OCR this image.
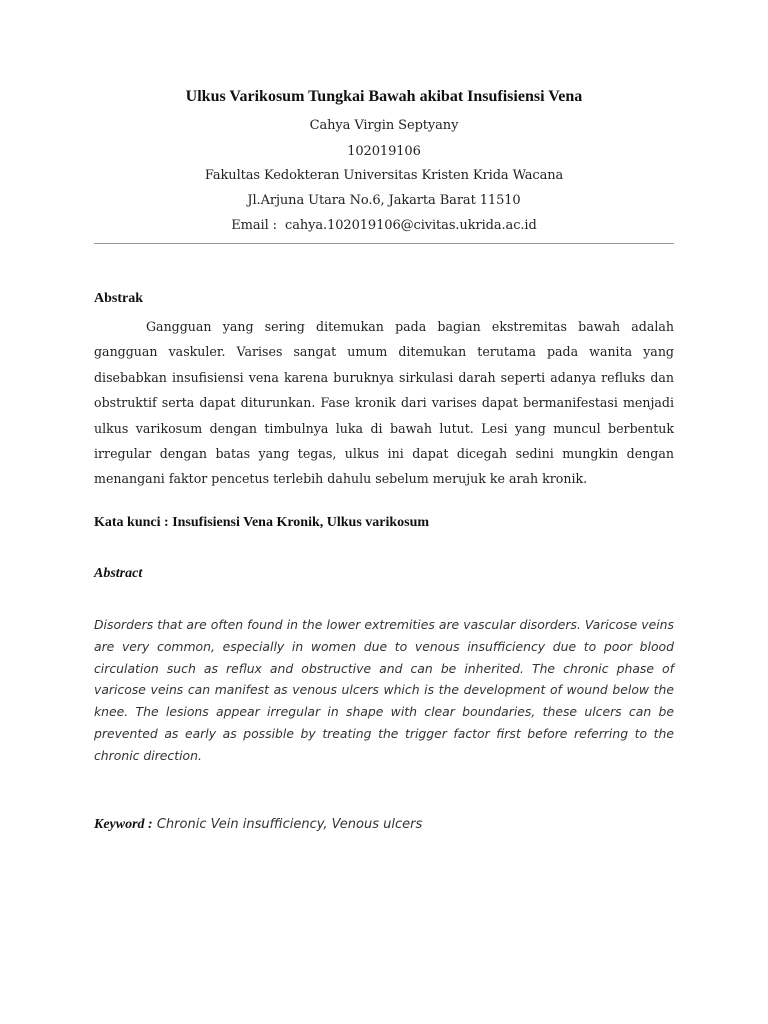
Ulkus Varikosum Tungkai Bawah akibat Insufisiensi Vena
Cahya Virgin Septyany
102019106
Fakultas Kedokteran Universitas Kristen Krida Wacana
Jl.Arjuna Utara No.6, Jakarta Barat 11510
Email : cahya.102019106@civitas.ukrida.ac.id
Abstrak

Gangguan yang sering ditemukan pada bagian ekstremitas bawah adalah gangguan vaskuler. Varises sangat umum ditemukan terutama pada wanita yang disebabkan insufisiensi vena karena buruknya sirkulasi darah seperti adanya refluks dan obstruktif serta dapat diturunkan. Fase kronik dari varises dapat bermanifestasi menjadi ulkus varikosum dengan timbulnya luka di bawah lutut. Lesi yang muncul berbentuk irregular dengan batas yang tegas, ulkus ini dapat dicegah sedini mungkin dengan menangani faktor pencetus terlebih dahulu sebelum merujuk ke arah kronik.

Kata kunci : Insufisiensi Vena Kronik, Ulkus varikosum
Abstract

Disorders that are often found in the lower extremities are vascular disorders. Varicose veins are very common, especially in women due to venous insufficiency due to poor blood circulation such as reflux and obstructive and can be inherited. The chronic phase of varicose veins can manifest as venous ulcers which is the development of wound below the knee. The lesions appear irregular in shape with clear boundaries, these ulcers can be prevented as early as possible by treating the trigger factor first before referring to the chronic direction.

Keyword : Chronic Vein insufficiency, Venous ulcers
